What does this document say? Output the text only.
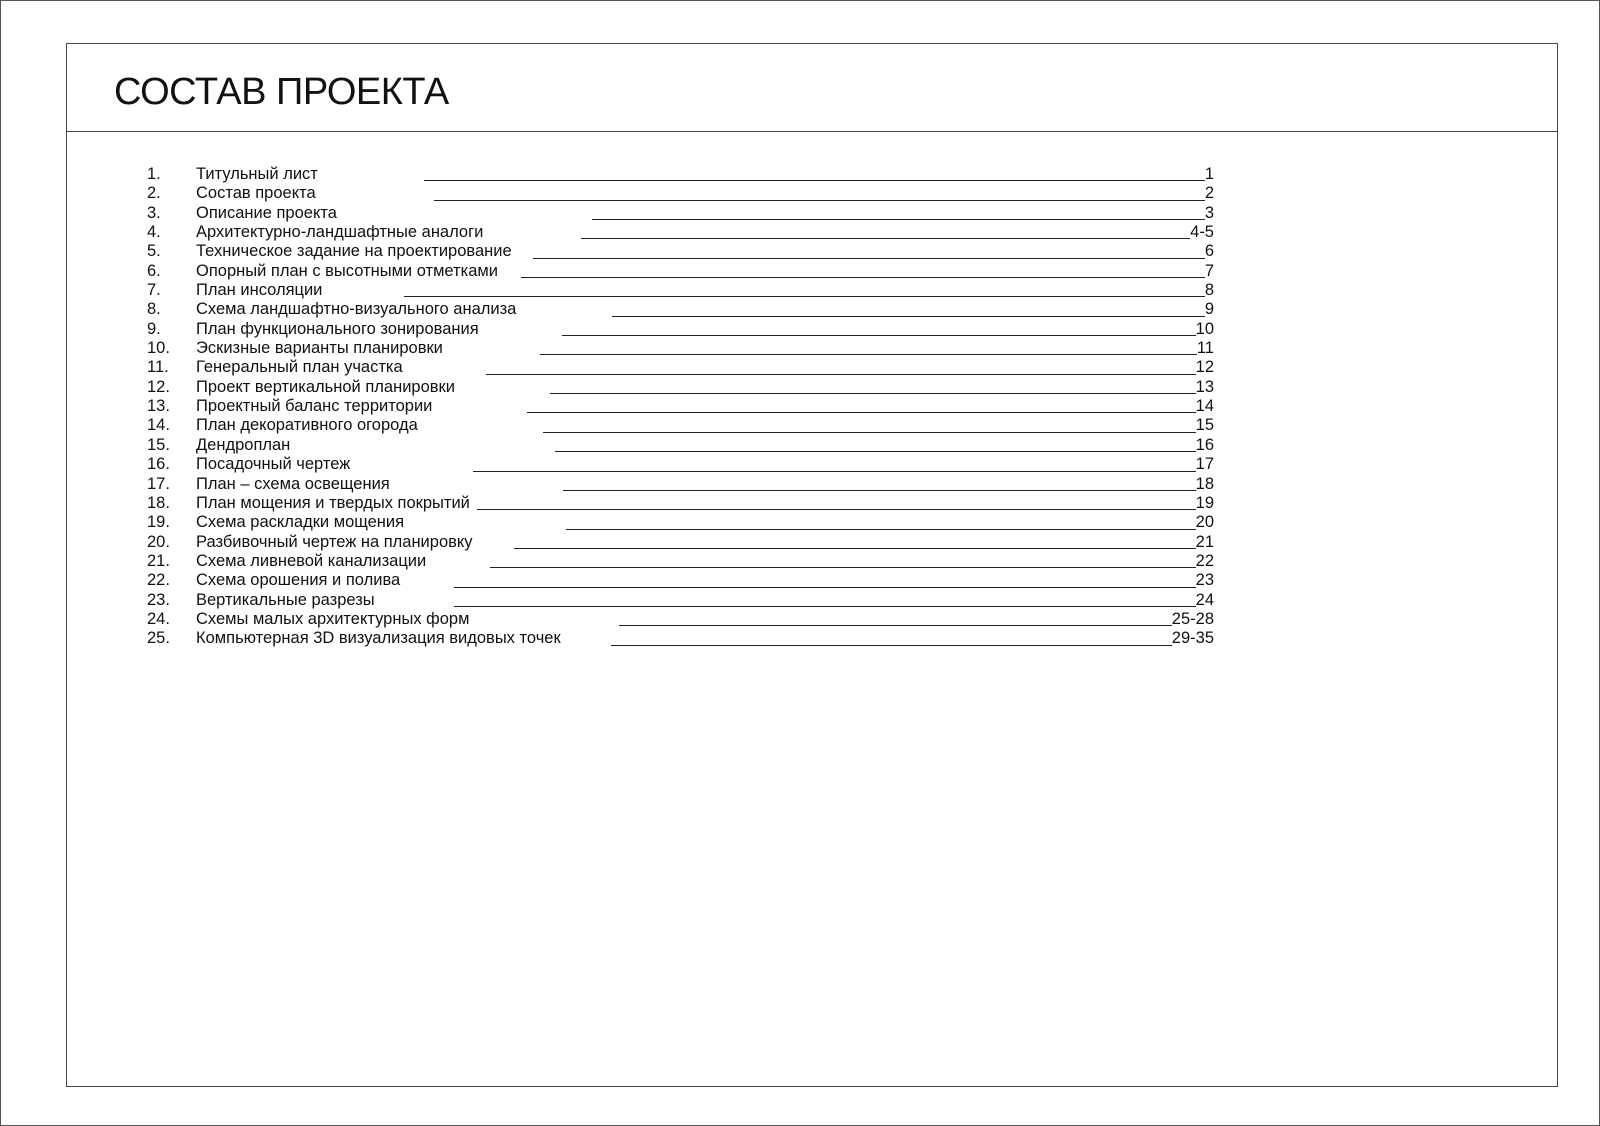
СОСТАВ ПРОЕКТА
1.	Титульный лист	1
2.	Состав проекта	2
3.	Описание проекта	3
4.	Архитектурно-ландшафтные аналоги	4-5
5.	Техническое задание на проектирование	6
6.	Опорный план с высотными отметками	7
7.	План инсоляции	8
8.	Схема ландшафтно-визуального анализа	9
9.	План функционального зонирования	10
10.	Эскизные варианты планировки	11
11.	Генеральный план участка	12
12.	Проект вертикальной планировки	13
13.	Проектный баланс территории	14
14.	План декоративного огорода	15
15.	Дендроплан	16
16.	Посадочный чертеж	17
17.	План – схема освещения	18
18.	План мощения и твердых покрытий	19
19.	Схема раскладки мощения	20
20.	Разбивочный чертеж на планировку	21
21.	Схема ливневой канализации	22
22.	Схема орошения и полива	23
23.	Вертикальные разрезы	24
24.	Схемы малых архитектурных форм	25-28
25.	Компьютерная 3D визуализация видовых точек	29-35
